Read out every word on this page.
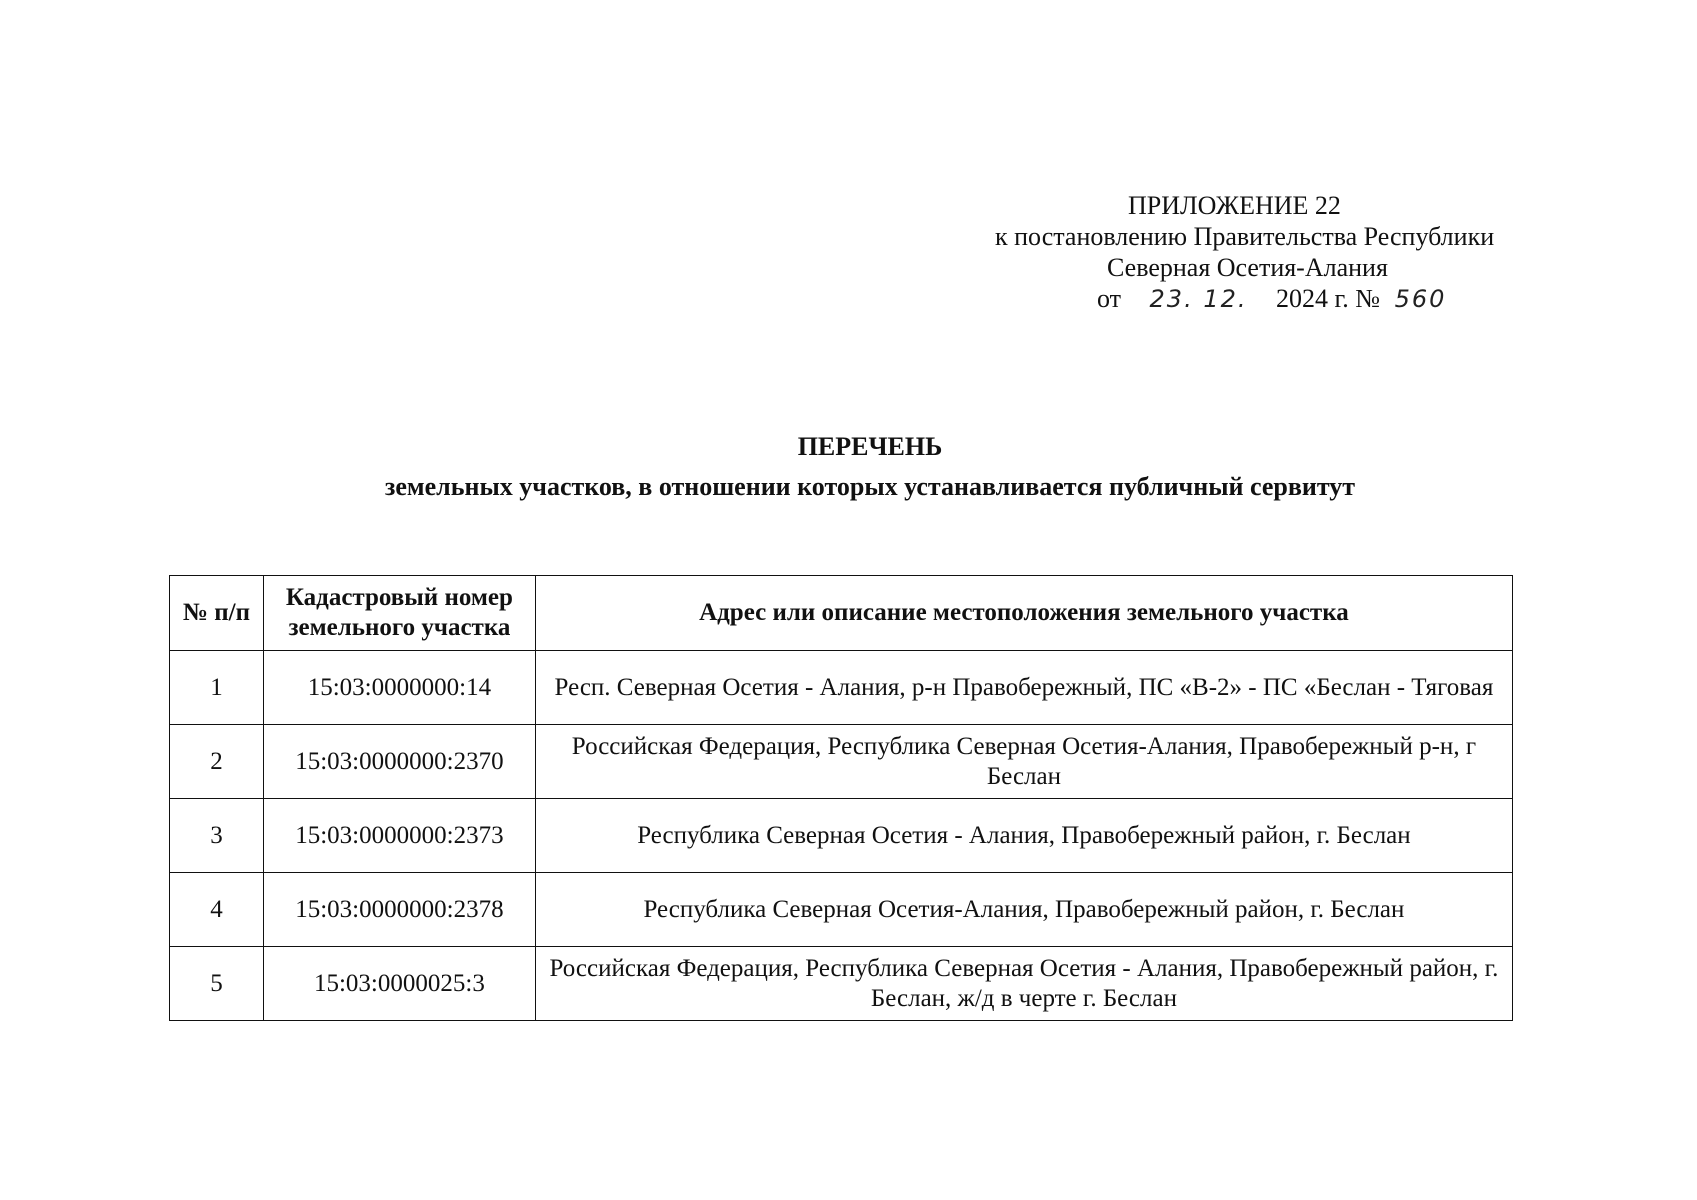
ПРИЛОЖЕНИЕ 22
к постановлению Правительства Республики
Северная Осетия-Алания
от 23. 12. 2024 г. № 560
ПЕРЕЧЕНЬ
земельных участков, в отношении которых устанавливается публичный сервитут
№ п/п	Кадастровый номер земельного участка	Адрес или описание местоположения земельного участка
1	15:03:0000000:14	Респ. Северная Осетия - Алания, р-н Правобережный, ПС «В-2» - ПС «Беслан - Тяговая
2	15:03:0000000:2370	Российская Федерация, Республика Северная Осетия-Алания, Правобережный р-н, г Беслан
3	15:03:0000000:2373	Республика Северная Осетия - Алания, Правобережный район, г. Беслан
4	15:03:0000000:2378	Республика Северная Осетия-Алания, Правобережный район, г. Беслан
5	15:03:0000025:3	Российская Федерация, Республика Северная Осетия - Алания, Правобережный район, г. Беслан, ж/д в черте г. Беслан
